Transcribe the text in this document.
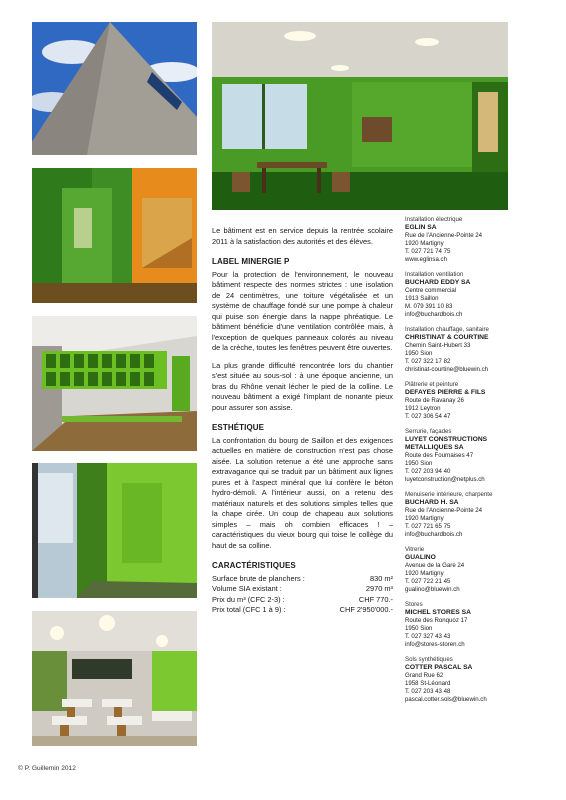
Le bâtiment est en service depuis la rentrée scolaire 2011 à la satisfaction des autorités et des élèves.

LABEL MINERGIE P

Pour la protection de l'environnement, le nouveau bâtiment respecte des normes strictes : une isolation de 24 centimètres, une toiture végétalisée et un système de chauffage fondé sur une pompe à chaleur qui puise son énergie dans la nappe phréatique. Le bâtiment bénéficie d'une ventilation contrôlée mais, à l'exception de quelques panneaux colorés au niveau de la crèche, toutes les fenêtres peuvent être ouvertes.

La plus grande difficulté rencontrée lors du chantier s'est située au sous-sol : à une époque ancienne, un bras du Rhône venait lécher le pied de la colline. Le nouveau bâtiment a exigé l'implant de nonante pieux pour assurer son assise.

ESTHÉTIQUE

La confrontation du bourg de Saillon et des exigences actuelles en matière de construction n'est pas chose aisée. La solution retenue a été une approche sans extravagance qui se traduit par un bâtiment aux lignes pures et à l'aspect minéral que lui confère le béton hydro-démoli. A l'intérieur aussi, on a retenu des matériaux naturels et des solutions simples telles que la chape cirée. Un coup de chapeau aux solutions simples – mais oh combien efficaces ! – caractéristiques du vieux bourg qui toise le collège du haut de sa colline.

CARACTÉRISTIQUES
Surface brute de planchers :	830 m²
Volume SIA existant :	2970 m³
Prix du m³ (CFC 2-3) :	CHF 770.-
Prix total (CFC 1 à 9) :	CHF 2'950'000.-
Installation électrique
EGLIN SA
Rue de l'Ancienne-Pointe 24
1920 Martigny
T. 027 721 74 75
www.eglinsa.ch
Installation ventilation
BUCHARD EDDY SA
Centre commercial
1913 Saillon
M. 079 391 10 83
info@buchardbois.ch
Installation chauffage, sanitaire
CHRISTINAT & COURTINE
Chemin Saint-Hubert 33
1950 Sion
T. 027 322 17 82
christinat-courtine@bluewin.ch
Plâtrerie et peinture
DEFAYES PIERRE & FILS
Route de Ravanay 26
1912 Leytron
T. 027 306 54 47
Serrurie, façades
LUYET CONSTRUCTIONS METALLIQUES SA
Route des Fournaises 47
1950 Sion
T. 027 203 94 40
luyetconstruction@netplus.ch
Menuiserie intérieure, charpente
BUCHARD H. SA
Rue de l'Ancienne-Pointe 24
1920 Martigny
T. 027 721 65 75
info@buchardbois.ch
Vitrerie
GUALINO
Avenue de la Gare 24
1920 Martigny
T. 027 722 21 45
gualino@bluewin.ch
Stores
MICHEL STORES SA
Route des Ronquoz 17
1950 Sion
T. 027 327 43 43
info@stores-storen.ch
Sols synthétiques
COTTER PASCAL SA
Grand Rue 62
1958 St-Léonard
T. 027 203 43 48
pascal.cotter.sols@bluewin.ch
© P. Guillemin 2012
